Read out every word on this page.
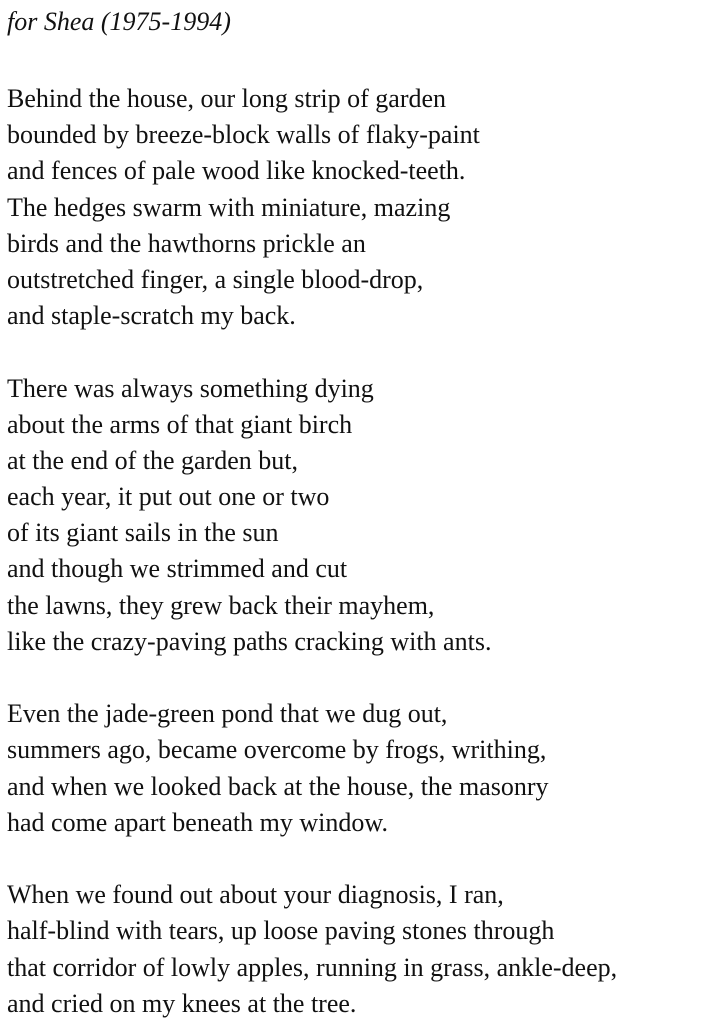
for Shea (1975-1994)
Behind the house, our long strip of garden
bounded by breeze-block walls of flaky-paint
and fences of pale wood like knocked-teeth.
The hedges swarm with miniature, mazing
birds and the hawthorns prickle an
outstretched finger, a single blood-drop,
and staple-scratch my back.
There was always something dying
about the arms of that giant birch
at the end of the garden but,
each year, it put out one or two
of its giant sails in the sun
and though we strimmed and cut
the lawns, they grew back their mayhem,
like the crazy-paving paths cracking with ants.
Even the jade-green pond that we dug out,
summers ago, became overcome by frogs, writhing,
and when we looked back at the house, the masonry
had come apart beneath my window.
When we found out about your diagnosis, I ran,
half-blind with tears, up loose paving stones through
that corridor of lowly apples, running in grass, ankle-deep,
and cried on my knees at the tree.
